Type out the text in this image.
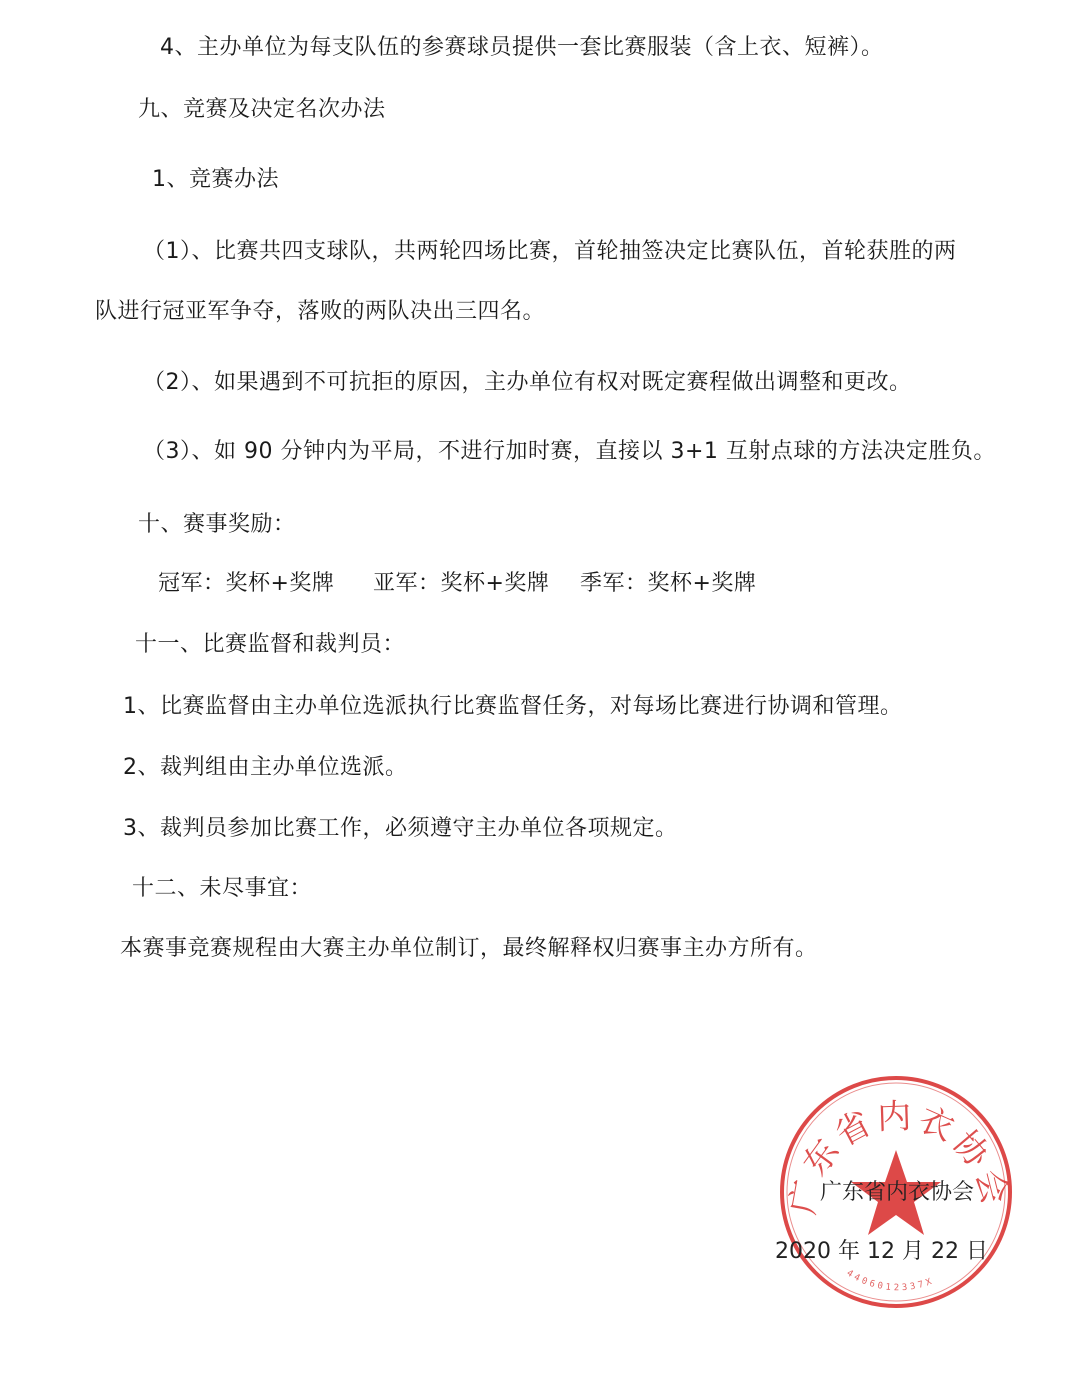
4、主办单位为每支队伍的参赛球员提供一套比赛服装（含上衣、短裤）。
九、竞赛及决定名次办法
1、竞赛办法
（1）、比赛共四支球队，共两轮四场比赛，首轮抽签决定比赛队伍，首轮获胜的两
队进行冠亚军争夺，落败的两队决出三四名。
（2）、如果遇到不可抗拒的原因，主办单位有权对既定赛程做出调整和更改。
（3）、如 90 分钟内为平局，不进行加时赛，直接以 3+1 互射点球的方法决定胜负。
十、赛事奖励：
冠军：奖杯+奖牌 亚军：奖杯+奖牌 季军：奖杯+奖牌
十一、比赛监督和裁判员：
1、比赛监督由主办单位选派执行比赛监督任务，对每场比赛进行协调和管理。
2、裁判组由主办单位选派。
3、裁判员参加比赛工作，必须遵守主办单位各项规定。
十二、未尽事宜：
本赛事竞赛规程由大赛主办单位制订，最终解释权归赛事主办方所有。
广东省内衣协会
4406012337X
广东省内衣协会
2020 年 12 月 22 日
